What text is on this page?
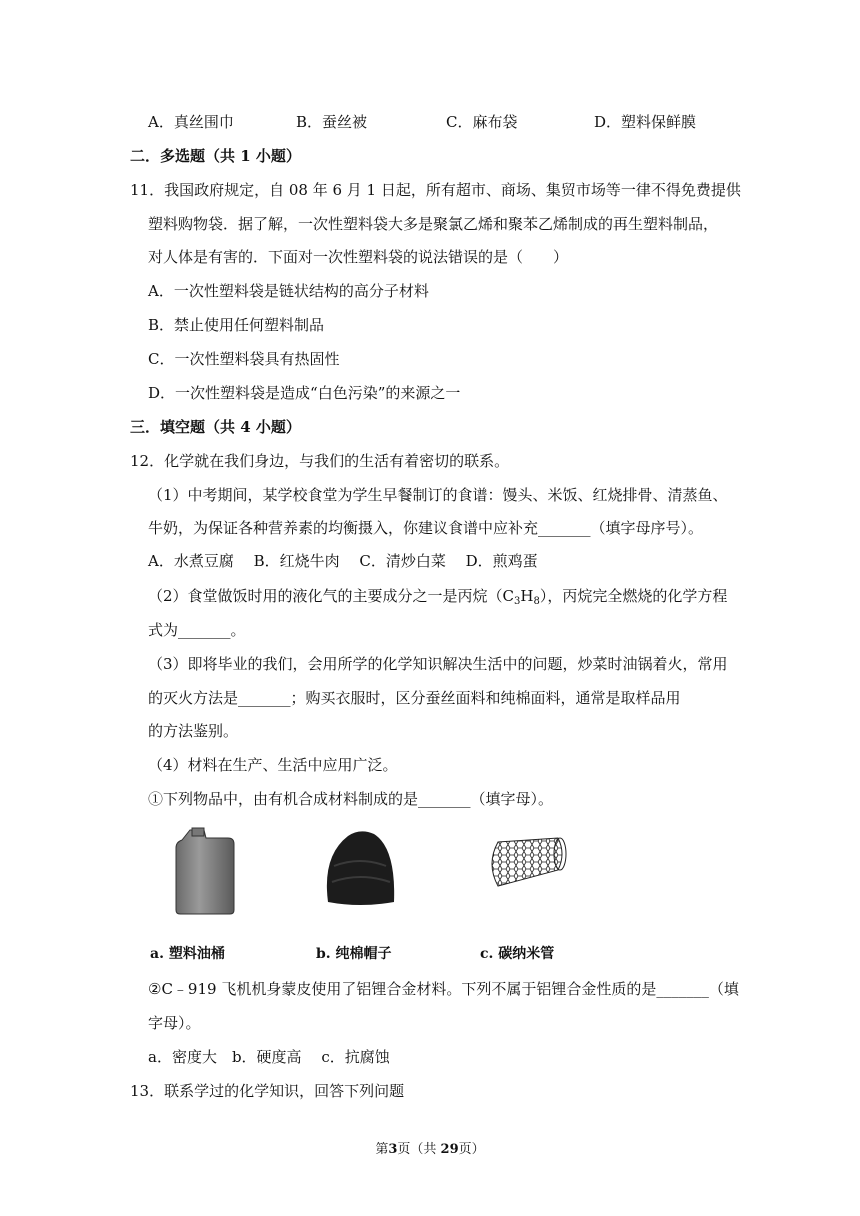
A．真丝围巾	B．蚕丝被	C．麻布袋	D．塑料保鲜膜
二．多选题（共 1 小题）
11．我国政府规定，自 08 年 6 月 1 日起，所有超市、商场、集贸市场等一律不得免费提供
塑料购物袋．据了解，一次性塑料袋大多是聚氯乙烯和聚苯乙烯制成的再生塑料制品，
对人体是有害的．下面对一次性塑料袋的说法错误的是（　　）
A．一次性塑料袋是链状结构的高分子材料
B．禁止使用任何塑料制品
C．一次性塑料袋具有热固性
D．一次性塑料袋是造成“白色污染”的来源之一
三．填空题（共 4 小题）
12．化学就在我们身边，与我们的生活有着密切的联系。
（1）中考期间，某学校食堂为学生早餐制订的食谱：馒头、米饭、红烧排骨、清蒸鱼、
牛奶，为保证各种营养素的均衡摄入，你建议食谱中应补充_______（填字母序号）。
A．水煮豆腐　 B．红烧牛肉　 C．清炒白菜　 D．煎鸡蛋
（2）食堂做饭时用的液化气的主要成分之一是丙烷$(C_3H_8)$，丙烷完全燃烧的化学方程
式为_______。
（3）即将毕业的我们，会用所学的化学知识解决生活中的问题，炒菜时油锅着火，常用
的灭火方法是_______；购买衣服时，区分蚕丝面料和纯棉面料，通常是取样品用
的方法鉴别。
（4）材料在生产、生活中应用广泛。
①下列物品中，由有机合成材料制成的是_______（填字母）。
a. 塑料油桶	b. 纯棉帽子	c. 碳纳米管
②C﹣919 飞机机身蒙皮使用了铝锂合金材料。下列不属于铝锂合金性质的是_______（填
字母）。
a．密度大　b．硬度高　 c．抗腐蚀
13．联系学过的化学知识，回答下列问题
第3页（共 29页）
